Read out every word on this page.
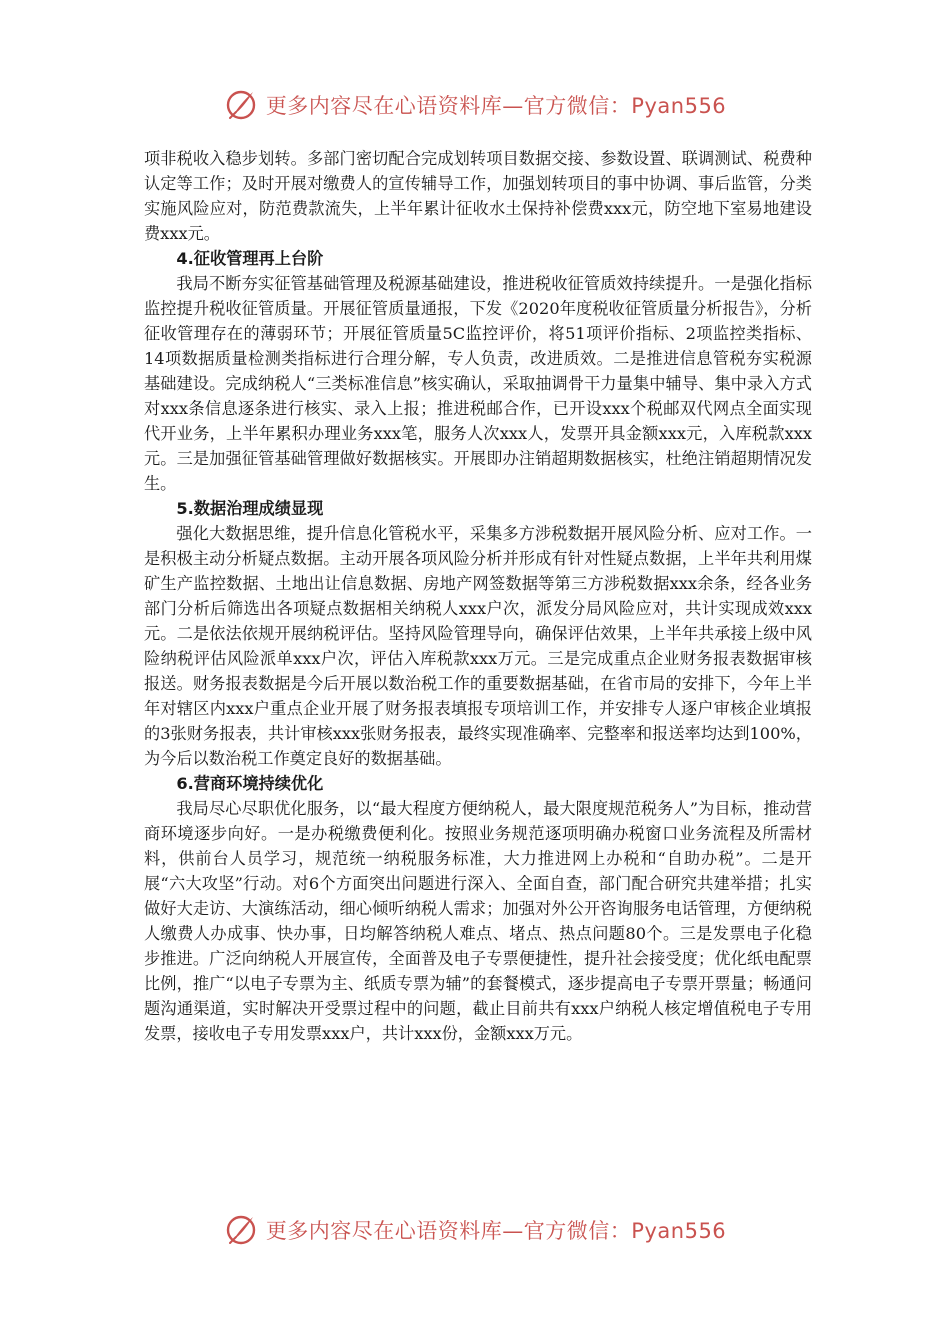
更多内容尽在心语资料库—官方微信：Pyan556

项非税收入稳步划转。多部门密切配合完成划转项目数据交接、参数设置、联调测试、税费种认定等工作；及时开展对缴费人的宣传辅导工作，加强划转项目的事中协调、事后监管，分类实施风险应对，防范费款流失，上半年累计征收水土保持补偿费xxx元，防空地下室易地建设费xxx元。

4.征收管理再上台阶

我局不断夯实征管基础管理及税源基础建设，推进税收征管质效持续提升。一是强化指标监控提升税收征管质量。开展征管质量通报，下发《2020年度税收征管质量分析报告》，分析征收管理存在的薄弱环节；开展征管质量5C监控评价，将51项评价指标、2项监控类指标、14项数据质量检测类指标进行合理分解，专人负责，改进质效。二是推进信息管税夯实税源基础建设。完成纳税人“三类标准信息”核实确认，采取抽调骨干力量集中辅导、集中录入方式对xxx条信息逐条进行核实、录入上报；推进税邮合作，已开设xxx个税邮双代网点全面实现代开业务，上半年累积办理业务xxx笔，服务人次xxx人，发票开具金额xxx元，入库税款xxx元。三是加强征管基础管理做好数据核实。开展即办注销超期数据核实，杜绝注销超期情况发生。

5.数据治理成绩显现

强化大数据思维，提升信息化管税水平，采集多方涉税数据开展风险分析、应对工作。一是积极主动分析疑点数据。主动开展各项风险分析并形成有针对性疑点数据，上半年共利用煤矿生产监控数据、土地出让信息数据、房地产网签数据等第三方涉税数据xxx余条，经各业务部门分析后筛选出各项疑点数据相关纳税人xxx户次，派发分局风险应对，共计实现成效xxx元。二是依法依规开展纳税评估。坚持风险管理导向，确保评估效果，上半年共承接上级中风险纳税评估风险派单xxx户次，评估入库税款xxx万元。三是完成重点企业财务报表数据审核报送。财务报表数据是今后开展以数治税工作的重要数据基础，在省市局的安排下，今年上半年对辖区内xxx户重点企业开展了财务报表填报专项培训工作，并安排专人逐户审核企业填报的3张财务报表，共计审核xxx张财务报表，最终实现准确率、完整率和报送率均达到100%，为今后以数治税工作奠定良好的数据基础。

6.营商环境持续优化

我局尽心尽职优化服务，以“最大程度方便纳税人，最大限度规范税务人”为目标，推动营商环境逐步向好。一是办税缴费便利化。按照业务规范逐项明确办税窗口业务流程及所需材料，供前台人员学习，规范统一纳税服务标准，大力推进网上办税和“自助办税”。二是开展“六大攻坚”行动。对6个方面突出问题进行深入、全面自查，部门配合研究共建举措；扎实做好大走访、大演练活动，细心倾听纳税人需求；加强对外公开咨询服务电话管理，方便纳税人缴费人办成事、快办事，日均解答纳税人难点、堵点、热点问题80个。三是发票电子化稳步推进。广泛向纳税人开展宣传，全面普及电子专票便捷性，提升社会接受度；优化纸电配票比例，推广“以电子专票为主、纸质专票为辅”的套餐模式，逐步提高电子专票开票量；畅通问题沟通渠道，实时解决开受票过程中的问题，截止目前共有xxx户纳税人核定增值税电子专用发票，接收电子专用发票xxx户，共计xxx份，金额xxx万元。

更多内容尽在心语资料库—官方微信：Pyan556
